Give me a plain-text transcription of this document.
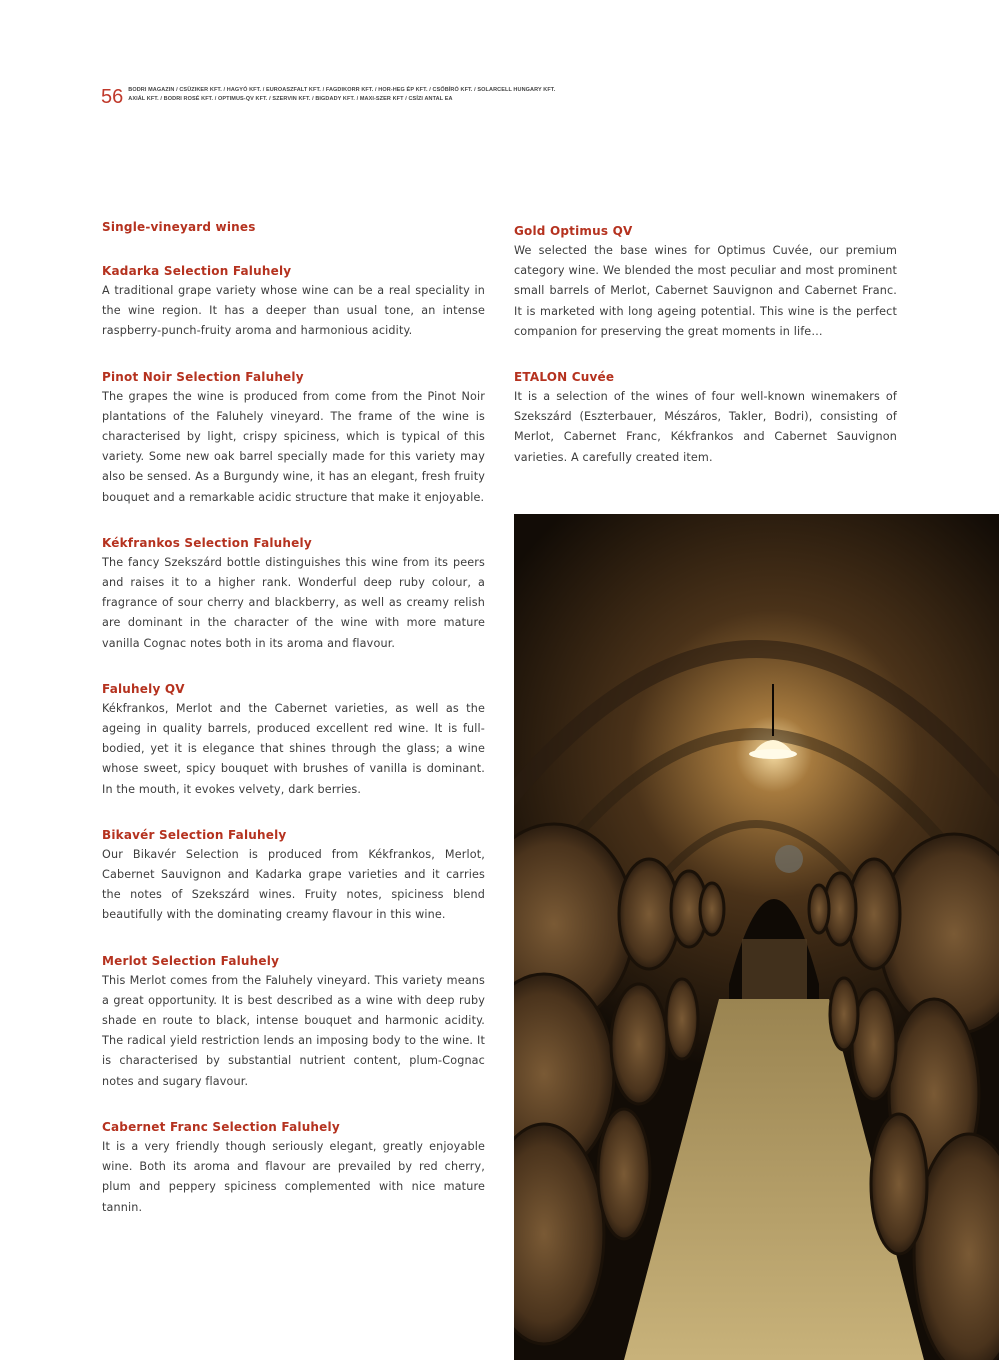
56 BODRI MAGAZIN / CSÜZIKER KFT. / HAGYÓ KFT. / EUROASZFALT KFT. / FAGDIKORR KFT. / HOR-HEG ÉP KFT. / CSŐBÍRÓ KFT. / SOLARCELL HUNGARY KFT.
AXIÁL KFT. / BODRI ROSÉ KFT. / OPTIMUS-QV KFT. / SZERVIN KFT. / BIGDADY KFT. / MAXI-SZER KFT / CSÍZI ANTAL EA
Single-vineyard wines
Kadarka Selection Faluhely

A traditional grape variety whose wine can be a real speciality in the wine region. It has a deeper than usual tone, an intense raspberry-punch-fruity aroma and harmonious acidity.

Pinot Noir Selection Faluhely

The grapes the wine is produced from come from the Pinot Noir plantations of the Faluhely vineyard. The frame of the wine is characterised by light, crispy spiciness, which is typical of this variety. Some new oak barrel specially made for this variety may also be sensed. As a Burgundy wine, it has an elegant, fresh fruity bouquet and a remarkable acidic structure that make it enjoyable.

Kékfrankos Selection Faluhely

The fancy Szekszárd bottle distinguishes this wine from its peers and raises it to a higher rank. Wonderful deep ruby colour, a fragrance of sour cherry and blackberry, as well as creamy relish are dominant in the character of the wine with more mature vanilla Cognac notes both in its aroma and flavour.

Faluhely QV

Kékfrankos, Merlot and the Cabernet varieties, as well as the ageing in quality barrels, produced excellent red wine. It is full-bodied, yet it is elegance that shines through the glass; a wine whose sweet, spicy bouquet with brushes of vanilla is dominant. In the mouth, it evokes velvety, dark berries.

Bikavér Selection Faluhely

Our Bikavér Selection is produced from Kékfrankos, Merlot, Cabernet Sauvignon and Kadarka grape varieties and it carries the notes of Szekszárd wines. Fruity notes, spiciness blend beautifully with the dominating creamy flavour in this wine.

Merlot Selection Faluhely

This Merlot comes from the Faluhely vineyard. This variety means a great opportunity. It is best described as a wine with deep ruby shade en route to black, intense bouquet and harmonic acidity. The radical yield restriction lends an imposing body to the wine. It is characterised by substantial nutrient content, plum-Cognac notes and sugary flavour.

Cabernet Franc Selection Faluhely

It is a very friendly though seriously elegant, greatly enjoyable wine. Both its aroma and flavour are prevailed by red cherry, plum and peppery spiciness complemented with nice mature tannin.

Gold Optimus QV

We selected the base wines for Optimus Cuvée, our premium category wine. We blended the most peculiar and most prominent small barrels of Merlot, Cabernet Sauvignon and Cabernet Franc. It is marketed with long ageing potential. This wine is the perfect companion for preserving the great moments in life…

ETALON Cuvée

It is a selection of the wines of four well-known winemakers of Szekszárd (Eszterbauer, Mészáros, Takler, Bodri), consisting of Merlot, Cabernet Franc, Kékfrankos and Cabernet Sauvignon varieties. A carefully created item.
